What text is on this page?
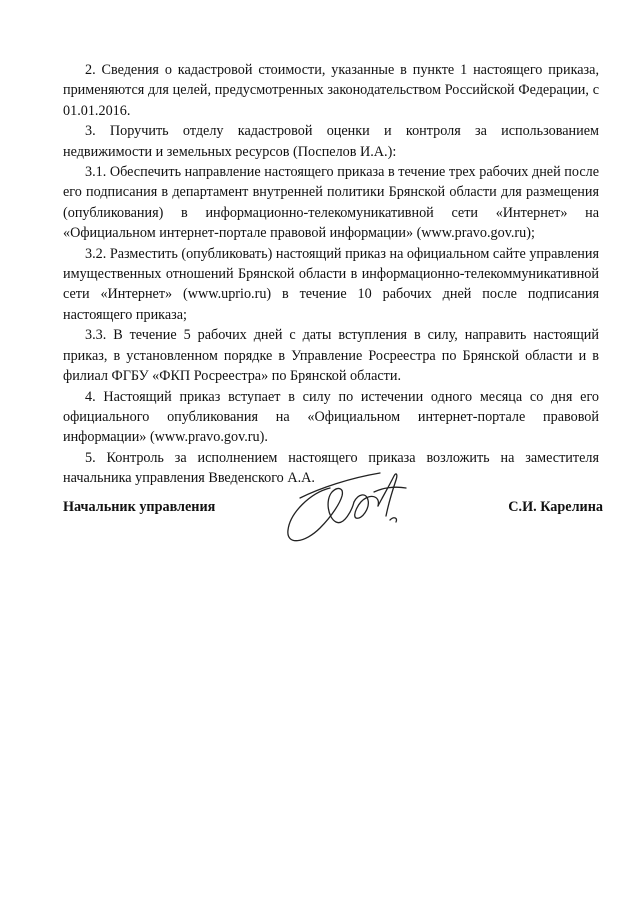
2. Сведения о кадастровой стоимости, указанные в пункте 1 настоящего приказа, применяются для целей, предусмотренных законодательством Российской Федерации, с 01.01.2016.

3. Поручить отделу кадастровой оценки и контроля за использованием недвижимости и земельных ресурсов (Поспелов И.А.):

3.1. Обеспечить направление настоящего приказа в течение трех рабочих дней после его подписания в департамент внутренней политики Брянской области для размещения (опубликования) в информационно-телекомуникативной сети «Интернет» на «Официальном интернет-портале правовой информации» (www.pravo.gov.ru);

3.2. Разместить (опубликовать) настоящий приказ на официальном сайте управления имущественных отношений Брянской области в информационно-телекоммуникативной сети «Интернет» (www.uprio.ru) в течение 10 рабочих дней после подписания настоящего приказа;

3.3. В течение 5 рабочих дней с даты вступления в силу, направить настоящий приказ, в установленном порядке в Управление Росреестра по Брянской области и в филиал ФГБУ «ФКП Росреестра» по Брянской области.

4. Настоящий приказ вступает в силу по истечении одного месяца со дня его официального опубликования на «Официальном интернет-портале правовой информации» (www.pravo.gov.ru).

5. Контроль за исполнением настоящего приказа возложить на заместителя начальника управления Введенского А.А.

Начальник управления	С.И. Карелина
